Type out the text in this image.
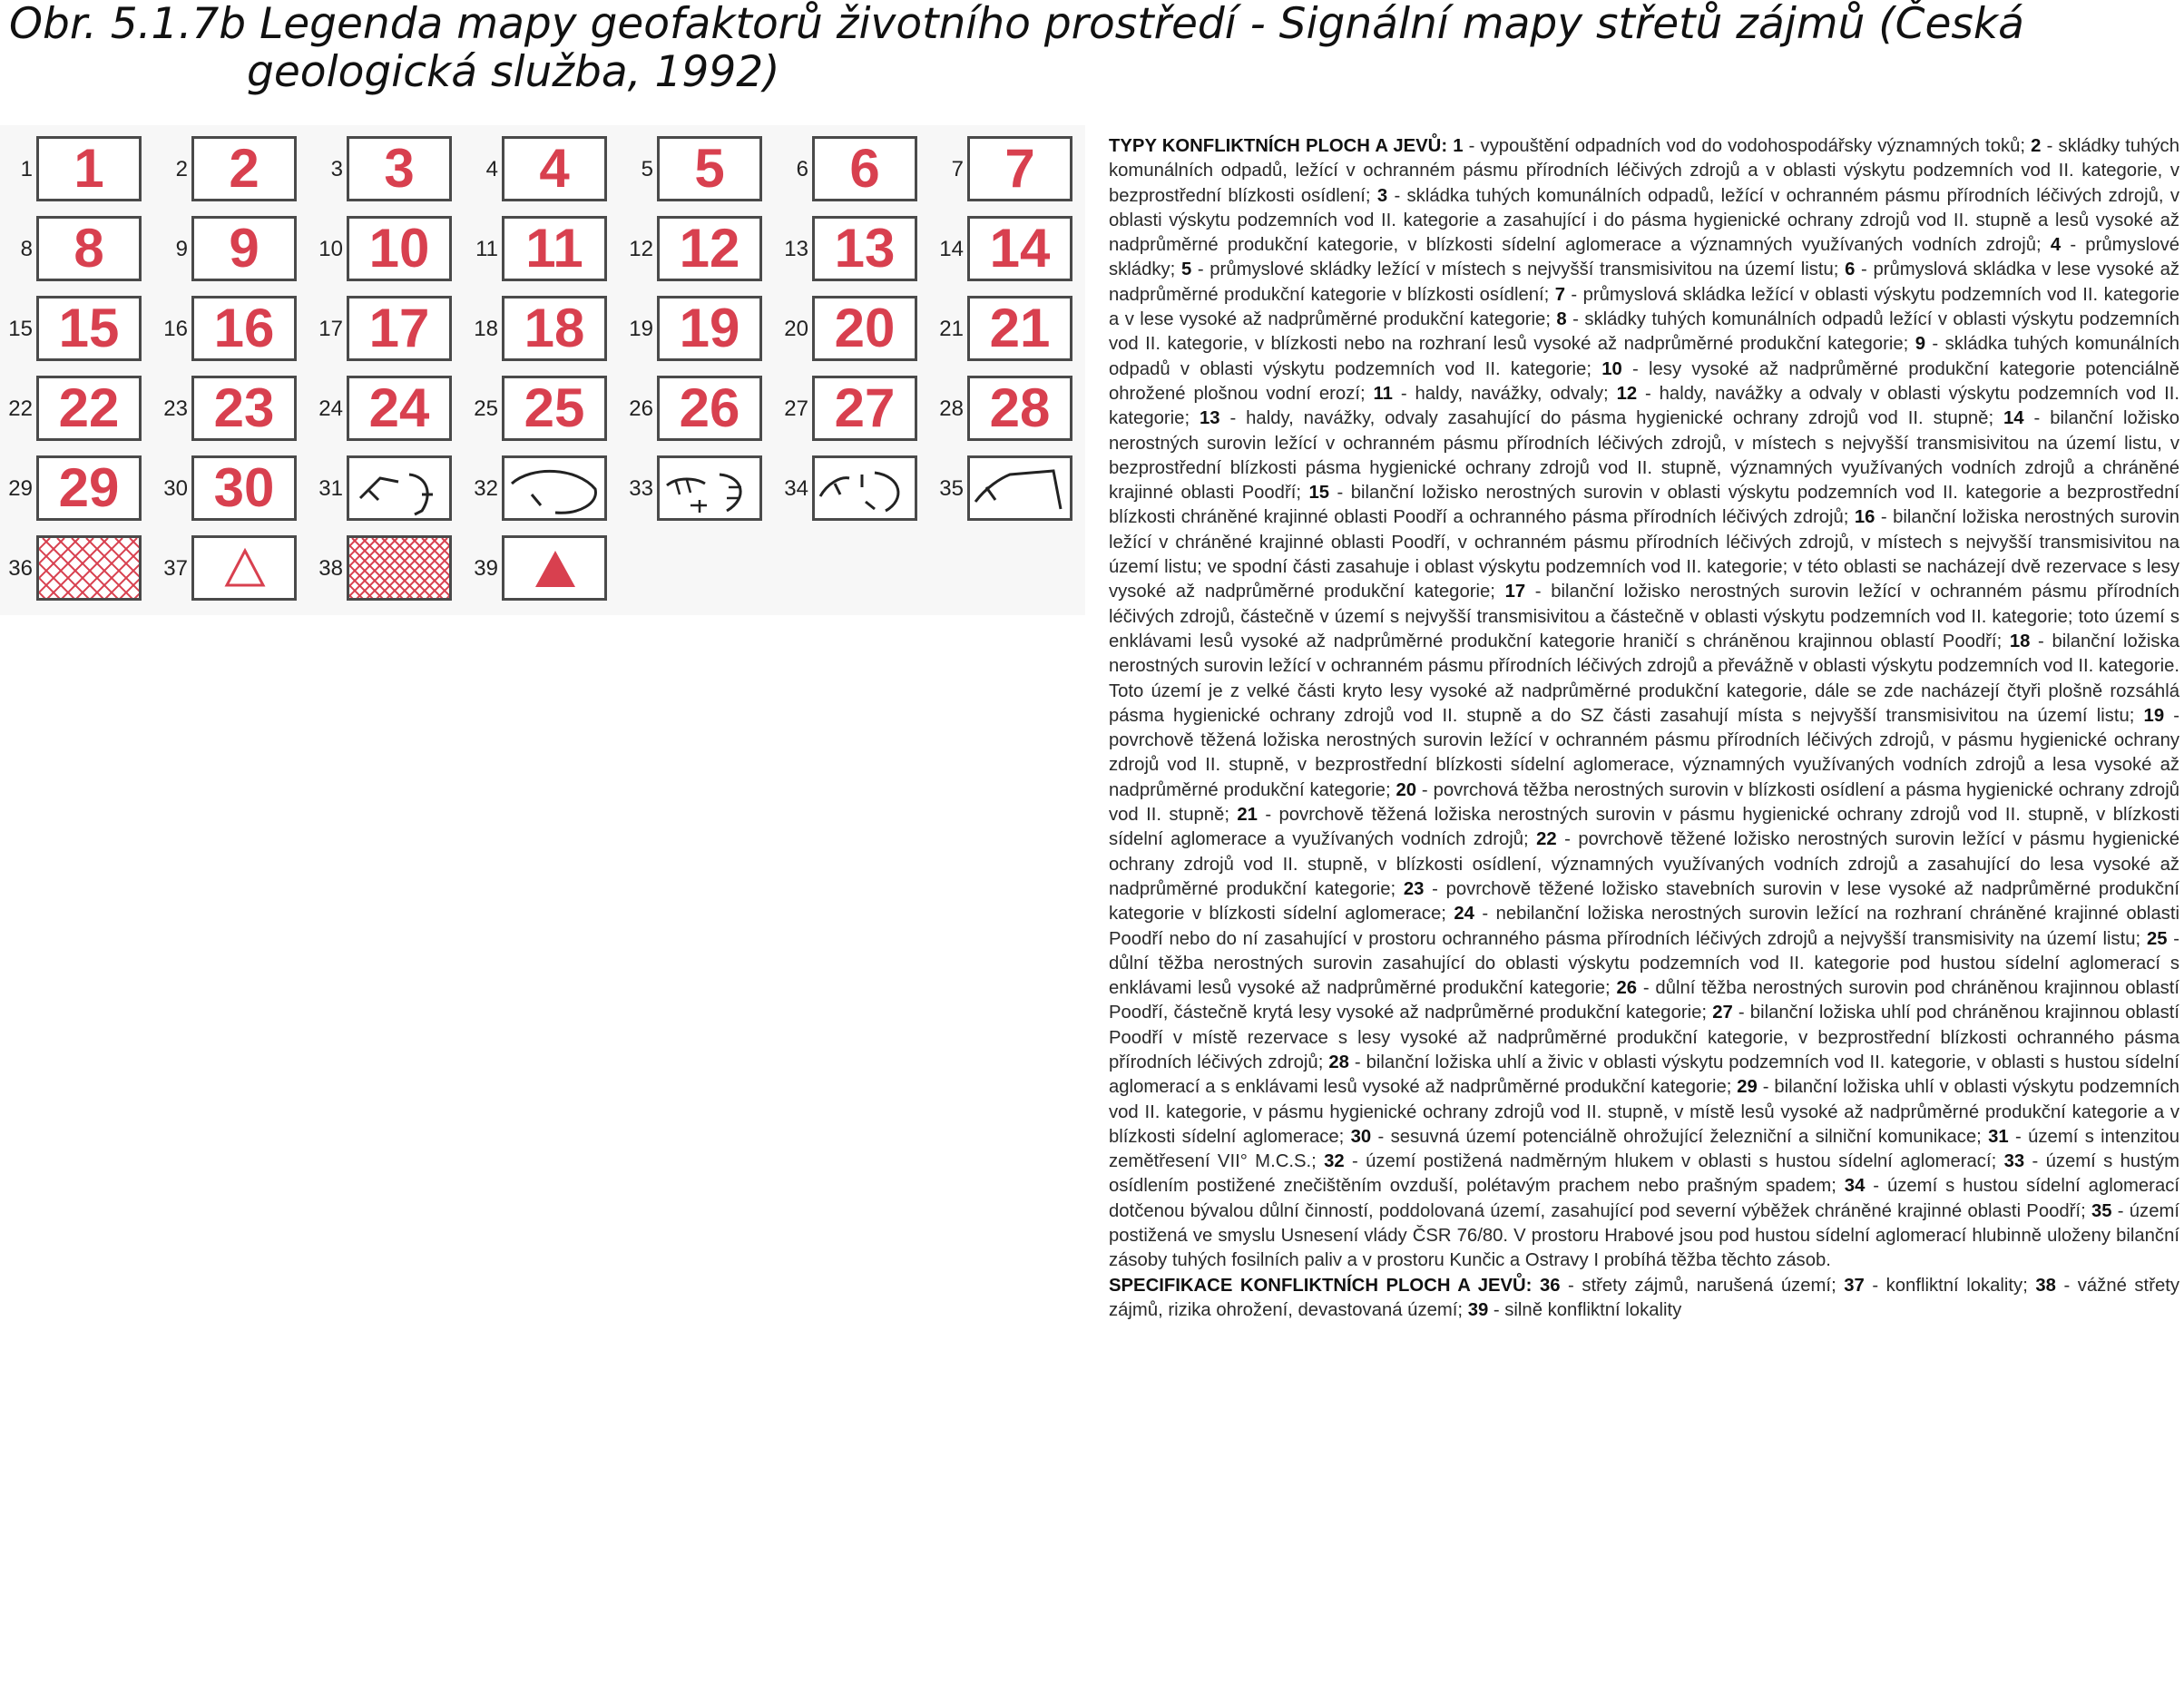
Obr. 5.1.7b Legenda mapy geofaktorů životního prostředí - Signální mapy střetů zájmů (Česká
geologická služba, 1992)
1 1	2 2	3 3	4 4	5 5	6 6	7 7
8 8	9 9	10 10	11 11	12 12	13 13	14 14
15 15	16 16	17 17	18 18	19 19	20 20	21 21
22 22	23 23	24 24	25 25	26 26	27 27	28 28
29 29	30 30	31	32	33	34	35
36	37	38	39

TYPY KONFLIKTNÍCH PLOCH A JEVŮ: 1 - vypouštění odpadních vod do vodohospodářsky významných toků; 2 - skládky tuhých komunálních odpadů, ležící v ochranném pásmu přírodních léčivých zdrojů a v oblasti výskytu podzemních vod II. kategorie, v bezprostřední blízkosti osídlení; 3 - skládka tuhých komunálních odpadů, ležící v ochranném pásmu přírodních léčivých zdrojů, v oblasti výskytu podzemních vod II. kategorie a zasahující i do pásma hygienické ochrany zdrojů vod II. stupně a lesů vysoké až nadprůměrné produkční kategorie, v blízkosti sídelní aglomerace a významných využívaných vodních zdrojů; 4 - průmyslové skládky; 5 - průmyslové skládky ležící v místech s nejvyšší transmisivitou na území listu; 6 - průmyslová skládka v lese vysoké až nadprůměrné produkční kategorie v blízkosti osídlení; 7 - průmyslová skládka ležící v oblasti výskytu podzemních vod II. kategorie a v lese vysoké až nadprůměrné produkční kategorie; 8 - skládky tuhých komunálních odpadů ležící v oblasti výskytu podzemních vod II. kategorie, v blízkosti nebo na rozhraní lesů vysoké až nadprůměrné produkční kategorie; 9 - skládka tuhých komunálních odpadů v oblasti výskytu podzemních vod II. kategorie; 10 - lesy vysoké až nadprůměrné produkční kategorie potenciálně ohrožené plošnou vodní erozí; 11 - haldy, navážky, odvaly; 12 - haldy, navážky a odvaly v oblasti výskytu podzemních vod II. kategorie; 13 - haldy, navážky, odvaly zasahující do pásma hygienické ochrany zdrojů vod II. stupně; 14 - bilanční ložisko nerostných surovin ležící v ochranném pásmu přírodních léčivých zdrojů, v místech s nejvyšší transmisivitou na území listu, v bezprostřední blízkosti pásma hygienické ochrany zdrojů vod II. stupně, významných využívaných vodních zdrojů a chráněné krajinné oblasti Poodří; 15 - bilanční ložisko nerostných surovin v oblasti výskytu podzemních vod II. kategorie a bezprostřední blízkosti chráněné krajinné oblasti Poodří a ochranného pásma přírodních léčivých zdrojů; 16 - bilanční ložiska nerostných surovin ležící v chráněné krajinné oblasti Poodří, v ochranném pásmu přírodních léčivých zdrojů, v místech s nejvyšší transmisivitou na území listu; ve spodní části zasahuje i oblast výskytu podzemních vod II. kategorie; v této oblasti se nacházejí dvě rezervace s lesy vysoké až nadprůměrné produkční kategorie; 17 - bilanční ložisko nerostných surovin ležící v ochranném pásmu přírodních léčivých zdrojů, částečně v území s nejvyšší transmisivitou a částečně v oblasti výskytu podzemních vod II. kategorie; toto území s enklávami lesů vysoké až nadprůměrné produkční kategorie hraničí s chráněnou krajinnou oblastí Poodří; 18 - bilanční ložiska nerostných surovin ležící v ochranném pásmu přírodních léčivých zdrojů a převážně v oblasti výskytu podzemních vod II. kategorie. Toto území je z velké části kryto lesy vysoké až nadprůměrné produkční kategorie, dále se zde nacházejí čtyři plošně rozsáhlá pásma hygienické ochrany zdrojů vod II. stupně a do SZ části zasahují místa s nejvyšší transmisivitou na území listu; 19 - povrchově těžená ložiska nerostných surovin ležící v ochranném pásmu přírodních léčivých zdrojů, v pásmu hygienické ochrany zdrojů vod II. stupně, v bezprostřední blízkosti sídelní aglomerace, významných využívaných vodních zdrojů a lesa vysoké až nadprůměrné produkční kategorie; 20 - povrchová těžba nerostných surovin v blízkosti osídlení a pásma hygienické ochrany zdrojů vod II. stupně; 21 - povrchově těžená ložiska nerostných surovin v pásmu hygienické ochrany zdrojů vod II. stupně, v blízkosti sídelní aglomerace a využívaných vodních zdrojů; 22 - povrchově těžené ložisko nerostných surovin ležící v pásmu hygienické ochrany zdrojů vod II. stupně, v blízkosti osídlení, významných využívaných vodních zdrojů a zasahující do lesa vysoké až nadprůměrné produkční kategorie; 23 - povrchově těžené ložisko stavebních surovin v lese vysoké až nadprůměrné produkční kategorie v blízkosti sídelní aglomerace; 24 - nebilanční ložiska nerostných surovin ležící na rozhraní chráněné krajinné oblasti Poodří nebo do ní zasahující v prostoru ochranného pásma přírodních léčivých zdrojů a nejvyšší transmisivity na území listu; 25 - důlní těžba nerostných surovin zasahující do oblasti výskytu podzemních vod II. kategorie pod hustou sídelní aglomerací s enklávami lesů vysoké až nadprůměrné produkční kategorie; 26 - důlní těžba nerostných surovin pod chráněnou krajinnou oblastí Poodří, částečně krytá lesy vysoké až nadprůměrné produkční kategorie; 27 - bilanční ložiska uhlí pod chráněnou krajinnou oblastí Poodří v místě rezervace s lesy vysoké až nadprůměrné produkční kategorie, v bezprostřední blízkosti ochranného pásma přírodních léčivých zdrojů; 28 - bilanční ložiska uhlí a živic v oblasti výskytu podzemních vod II. kategorie, v oblasti s hustou sídelní aglomerací a s enklávami lesů vysoké až nadprůměrné produkční kategorie; 29 - bilanční ložiska uhlí v oblasti výskytu podzemních vod II. kategorie, v pásmu hygienické ochrany zdrojů vod II. stupně, v místě lesů vysoké až nadprůměrné produkční kategorie a v blízkosti sídelní aglomerace; 30 - sesuvná území potenciálně ohrožující železniční a silniční komunikace; 31 - území s intenzitou zemětřesení VII° M.C.S.; 32 - území postižená nadměrným hlukem v oblasti s hustou sídelní aglomerací; 33 - území s hustým osídlením postižené znečištěním ovzduší, polétavým prachem nebo prašným spadem; 34 - území s hustou sídelní aglomerací dotčenou bývalou důlní činností, poddolovaná území, zasahující pod severní výběžek chráněné krajinné oblasti Poodří; 35 - území postižená ve smyslu Usnesení vlády ČSR 76/80. V prostoru Hrabové jsou pod hustou sídelní aglomerací hlubinně uloženy bilanční zásoby tuhých fosilních paliv a v prostoru Kunčic a Ostravy I probíhá těžba těchto zásob.

SPECIFIKACE KONFLIKTNÍCH PLOCH A JEVŮ: 36 - střety zájmů, narušená území; 37 - konfliktní lokality; 38 - vážné střety zájmů, rizika ohrožení, devastovaná území; 39 - silně konfliktní lokality
